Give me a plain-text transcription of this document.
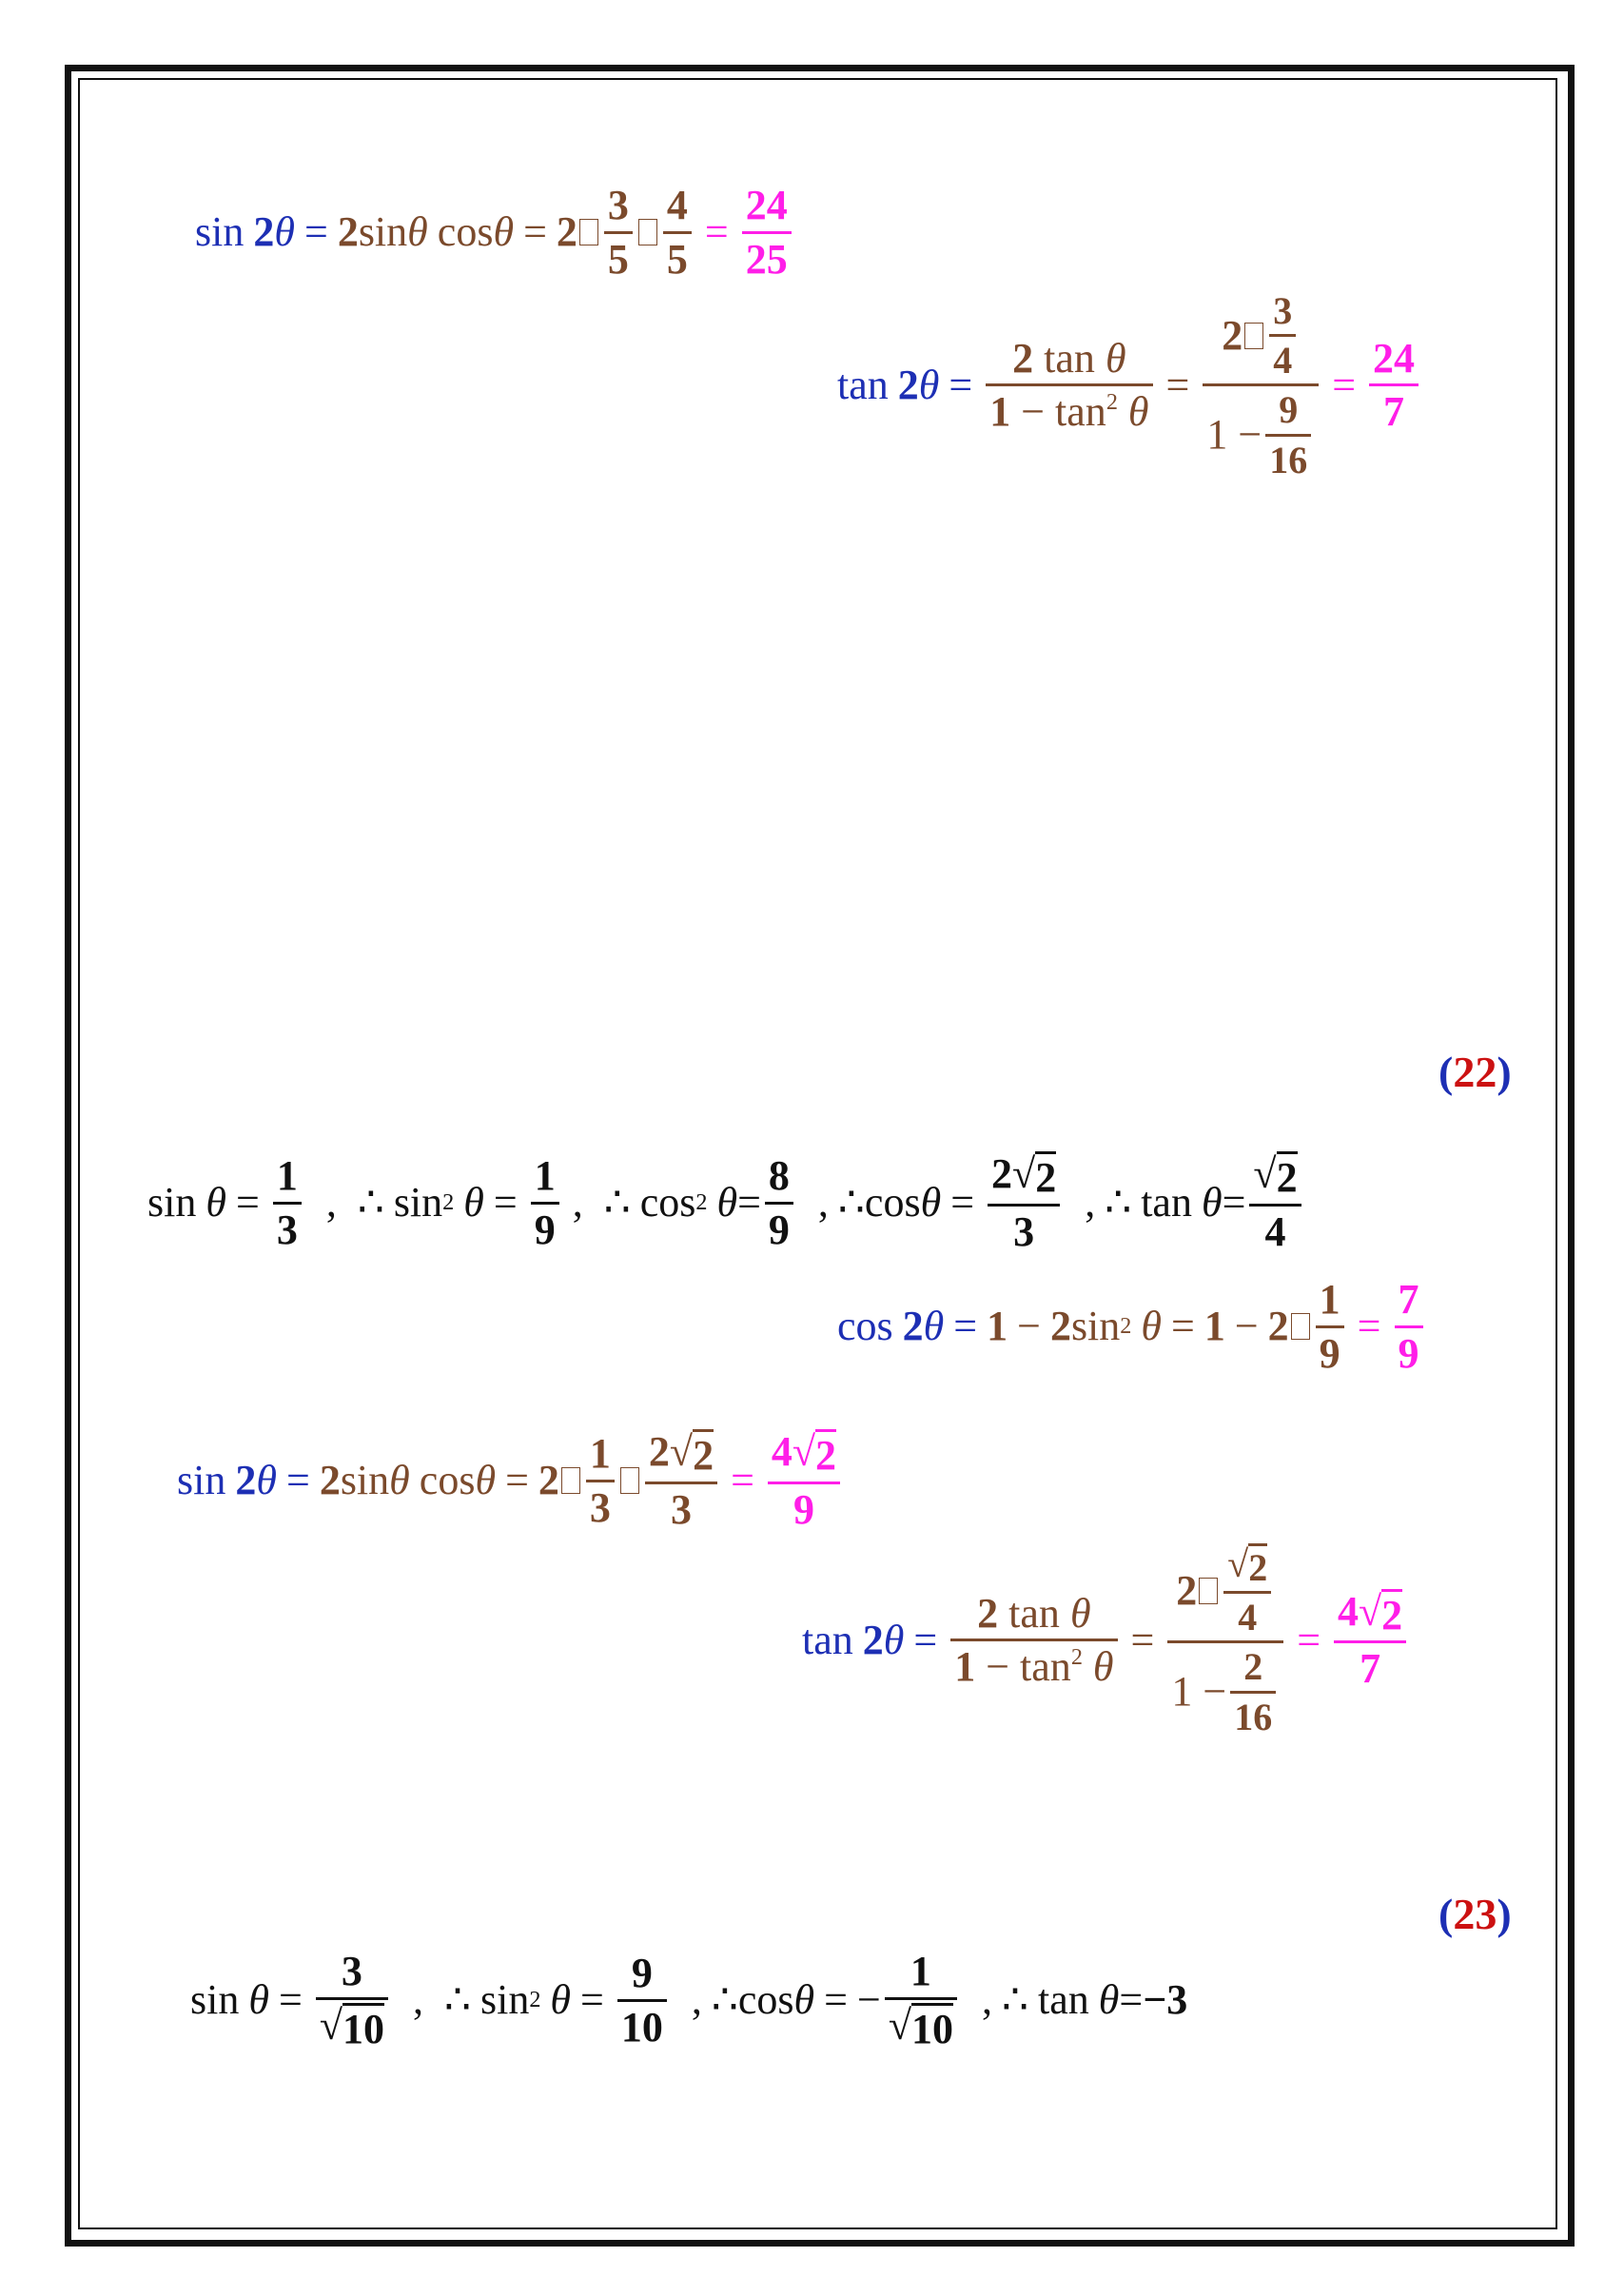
sin 2θ = 2 sin θ $\cos \theta = 2 \frac{3}{5} \frac{4}{5} = \frac{24}{25}$
$\tan 2\theta = \frac{\text{2 tan θ}}{1 - \tan^2 \theta} = \frac{2 \frac{3}{4}}{1 - \frac{9}{16}} = \frac{24}{7}$
(22)
$\sin \theta = \frac{1}{3}$ , ∴ sin 2 $\theta = \frac{1}{9}$ , ∴ cos 2 $\theta = \frac{8}{9}$ , ∴ $\cos \theta = \frac{2 √ 2}{3}$ , ∴ $\tan \theta = \frac{√ 2}{4}$
cos 2θ = 1 − 2 sin 2 $\theta = 1 - 2 \frac{1}{9} = \frac{7}{9}$
sin 2θ = 2 sin θ $\cos \theta = 2 \frac{1}{3} \frac{2 √ 2}{3} = \frac{4 √ 2}{9}$
$\tan 2\theta = \frac{\text{2 tan θ}}{1 - \tan^2 \theta} = \frac{2 \frac{√ 2}{4}}{1 - \frac{2}{16}} = \frac{4 √ 2}{7}$
(23)
$\sin \theta = \frac{3}{√ 10}$ , ∴ sin 2 $\theta = \frac{9}{10}$ , ∴ cos θ = − $\frac{1}{√ 10}$ , ∴ tan θ = −3
